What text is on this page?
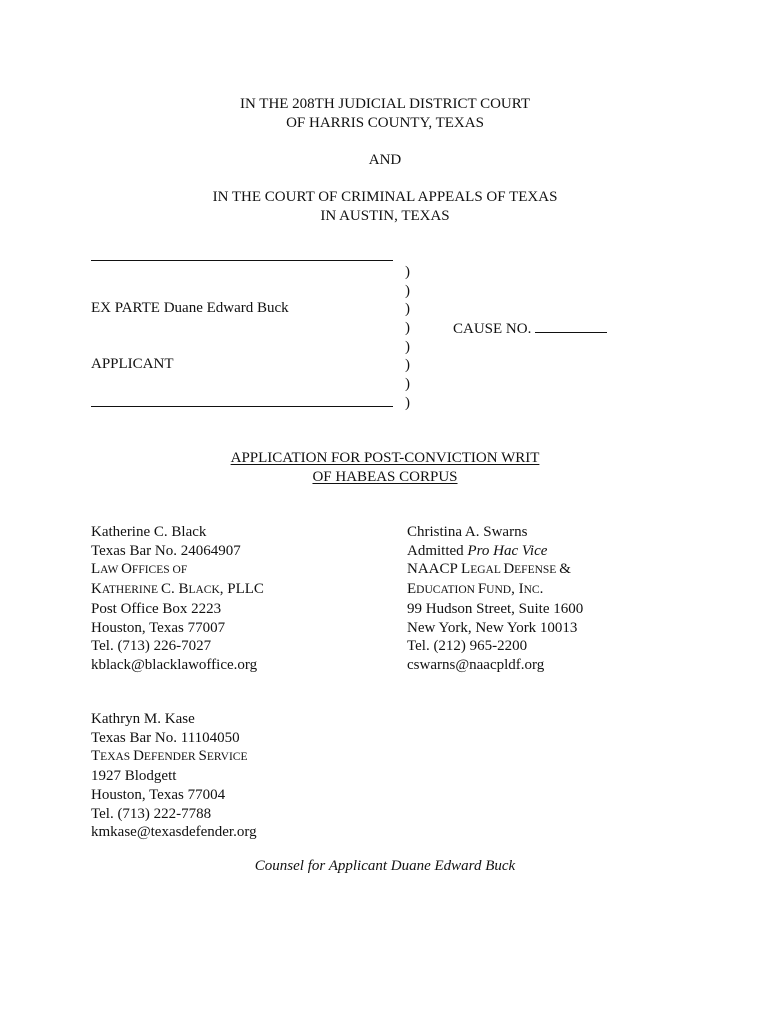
IN THE 208TH JUDICIAL DISTRICT COURT
OF HARRIS COUNTY, TEXAS
AND
IN THE COURT OF CRIMINAL APPEALS OF TEXAS
IN AUSTIN, TEXAS
EX PARTE Duane Edward Buck
APPLICANT
)
)
)
)
)
)
)
)
CAUSE NO.
APPLICATION FOR POST-CONVICTION WRIT
OF HABEAS CORPUS
Katherine C. Black
Texas Bar No. 24064907
LAW OFFICES OF
KATHERINE C. BLACK, PLLC
Post Office Box 2223
Houston, Texas 77007
Tel. (713) 226-7027
kblack@blacklawoffice.org
Christina A. Swarns
Admitted Pro Hac Vice
NAACP LEGAL DEFENSE &
EDUCATION FUND, INC.
99 Hudson Street, Suite 1600
New York, New York 10013
Tel. (212) 965-2200
cswarns@naacpldf.org
Kathryn M. Kase
Texas Bar No. 11104050
TEXAS DEFENDER SERVICE
1927 Blodgett
Houston, Texas 77004
Tel. (713) 222-7788
kmkase@texasdefender.org
Counsel for Applicant Duane Edward Buck
